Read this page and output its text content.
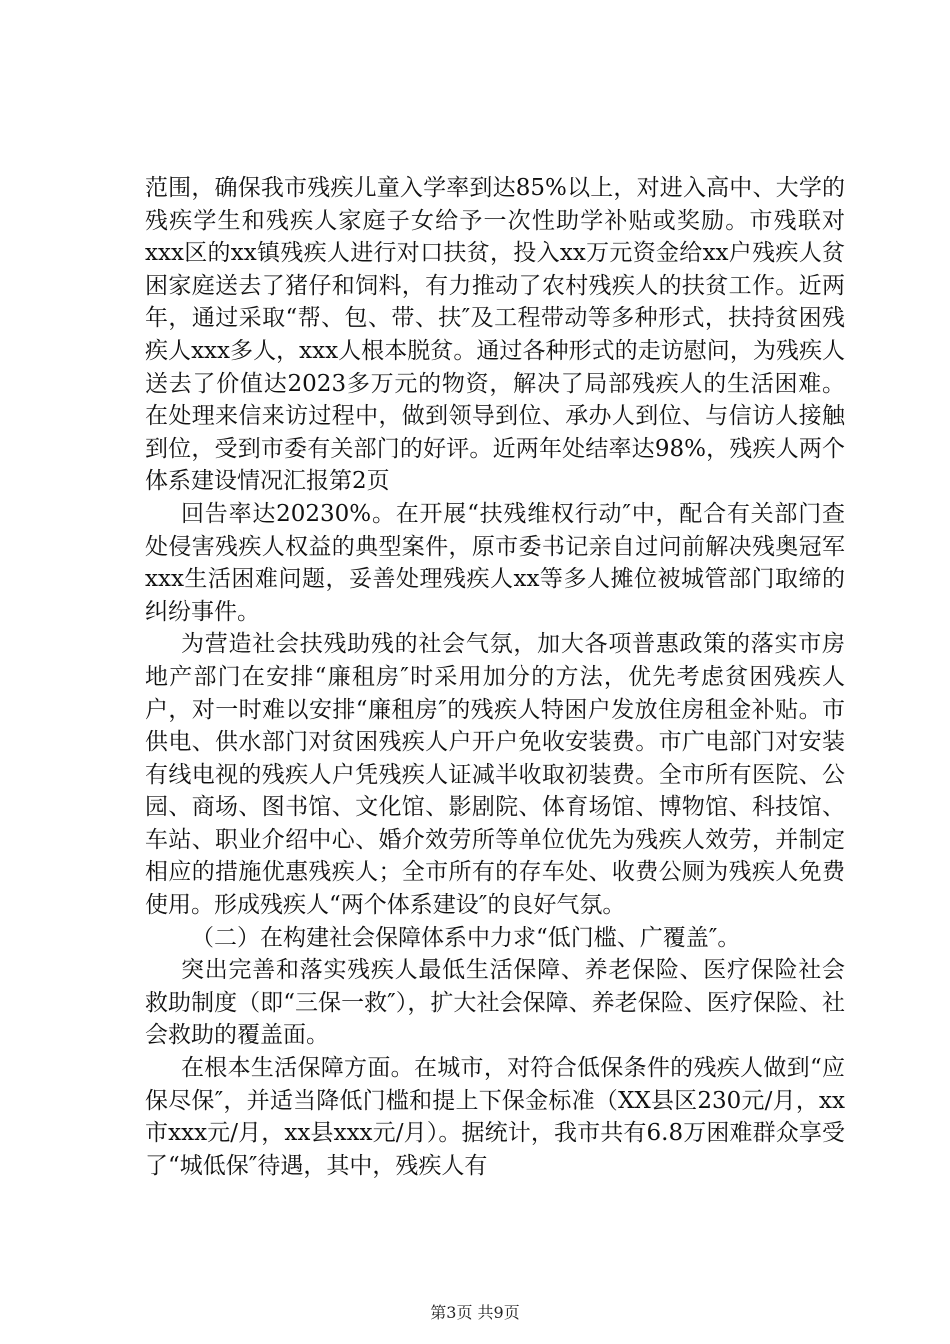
范围，确保我市残疾儿童入学率到达85%以上，对进入高中、大学的残疾学生和残疾人家庭子女给予一次性助学补贴或奖励。市残联对xxx区的xx镇残疾人进行对口扶贫，投入xx万元资金给xx户残疾人贫困家庭送去了猪仔和饲料，有力推动了农村残疾人的扶贫工作。近两年，通过采取“帮、包、带、扶″及工程带动等多种形式，扶持贫困残疾人xxx多人，xxx人根本脱贫。通过各种形式的走访慰问，为残疾人送去了价值达2023多万元的物资，解决了局部残疾人的生活困难。在处理来信来访过程中，做到领导到位、承办人到位、与信访人接触到位，受到市委有关部门的好评。近两年处结率达98%，残疾人两个体系建设情况汇报第2页

回告率达20230%。在开展“扶残维权行动″中，配合有关部门查处侵害残疾人权益的典型案件，原市委书记亲自过问前解决残奥冠军xxx生活困难问题，妥善处理残疾人xx等多人摊位被城管部门取缔的纠纷事件。

为营造社会扶残助残的社会气氛，加大各项普惠政策的落实市房地产部门在安排“廉租房″时采用加分的方法，优先考虑贫困残疾人户，对一时难以安排“廉租房″的残疾人特困户发放住房租金补贴。市供电、供水部门对贫困残疾人户开户免收安装费。市广电部门对安装有线电视的残疾人户凭残疾人证减半收取初装费。全市所有医院、公园、商场、图书馆、文化馆、影剧院、体育场馆、博物馆、科技馆、车站、职业介绍中心、婚介效劳所等单位优先为残疾人效劳，并制定相应的措施优惠残疾人；全市所有的存车处、收费公厕为残疾人免费使用。形成残疾人“两个体系建设″的良好气氛。

（二）在构建社会保障体系中力求“低门槛、广覆盖″。

突出完善和落实残疾人最低生活保障、养老保险、医疗保险社会救助制度（即“三保一救″），扩大社会保障、养老保险、医疗保险、社会救助的覆盖面。

在根本生活保障方面。在城市，对符合低保条件的残疾人做到“应保尽保″，并适当降低门槛和提上下保金标准（XX县区230元/月，xx市xxx元/月，xx县xxx元/月）。据统计，我市共有6.8万困难群众享受了“城低保″待遇，其中，残疾人有

第3页 共9页
